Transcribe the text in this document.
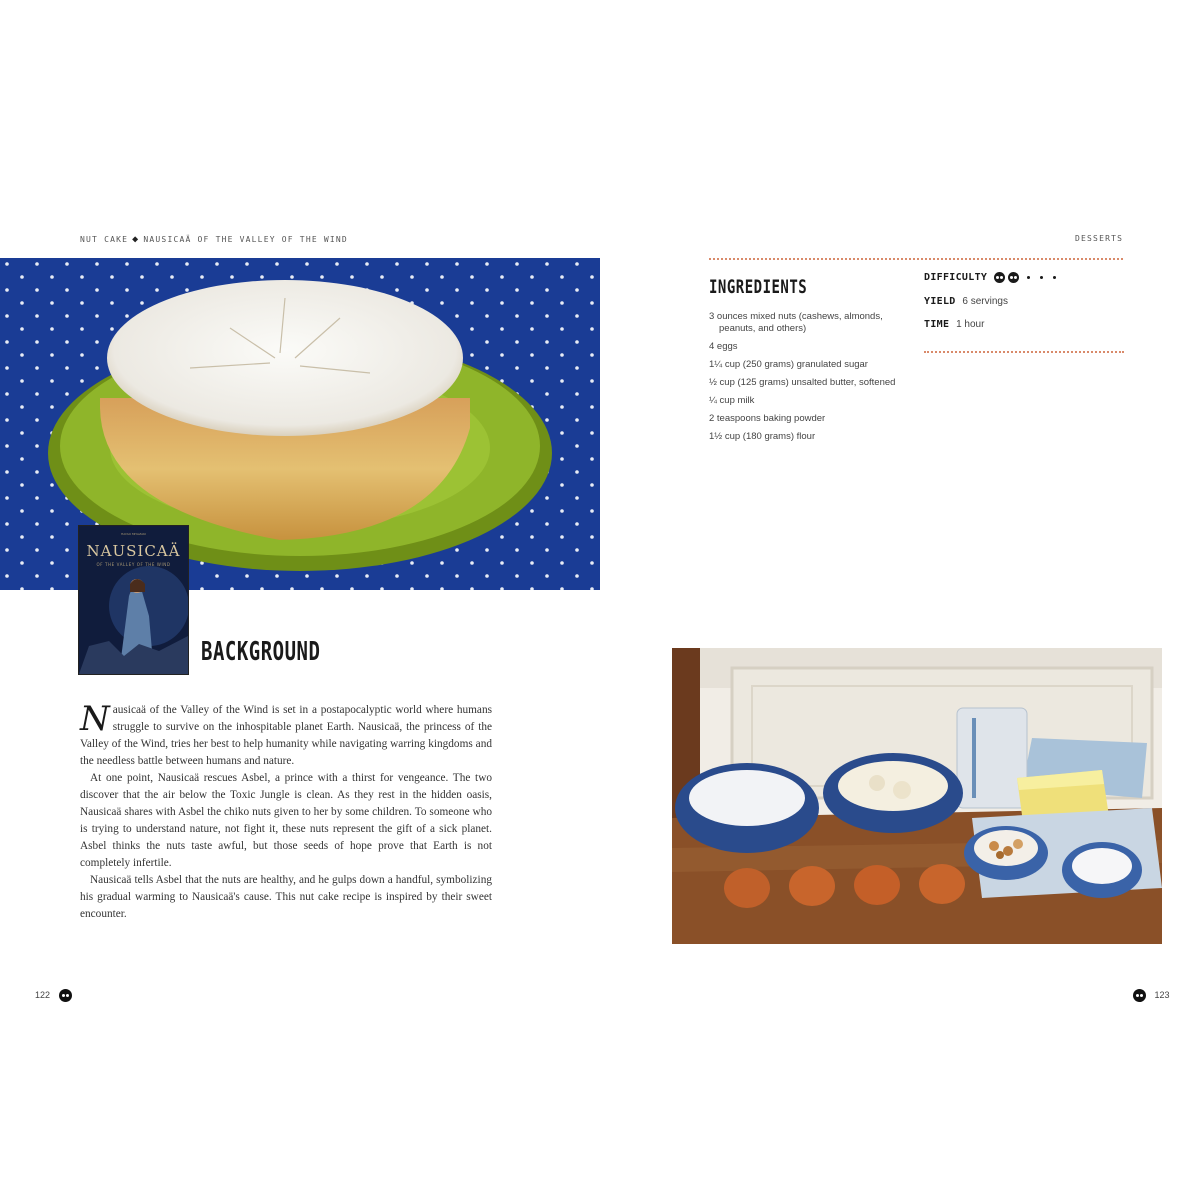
NUT CAKE ◆ NAUSICAÄ OF THE VALLEY OF THE WIND	DESSERTS
HAYAO MIYAZAKI
NAUSICAÄ
OF THE VALLEY OF THE WIND
BACKGROUND

Nausicaä of the Valley of the Wind is set in a postapocalyptic world where humans struggle to survive on the inhospitable planet Earth. Nausicaä, the princess of the Valley of the Wind, tries her best to help humanity while navigating warring kingdoms and the needless battle between humans and nature.

At one point, Nausicaä rescues Asbel, a prince with a thirst for vengeance. The two discover that the air below the Toxic Jungle is clean. As they rest in the hidden oasis, Nausicaä shares with Asbel the chiko nuts given to her by some children. To someone who is trying to understand nature, not fight it, these nuts represent the gift of a sick planet. Asbel thinks the nuts taste awful, but those seeds of hope prove that Earth is not completely infertile.

Nausicaä tells Asbel that the nuts are healthy, and he gulps down a handful, symbolizing his gradual warming to Nausicaä's cause. This nut cake recipe is inspired by their sweet encounter.

INGREDIENTS
3 ounces mixed nuts (cashews, almonds, peanuts, and others)
4 eggs
1¼ cup (250 grams) granulated sugar
½ cup (125 grams) unsalted butter, softened
¼ cup milk
2 teaspoons baking powder
1½ cup (180 grams) flour
DIFFICULTY
YIELD 6 servings
TIME 1 hour
122	123
